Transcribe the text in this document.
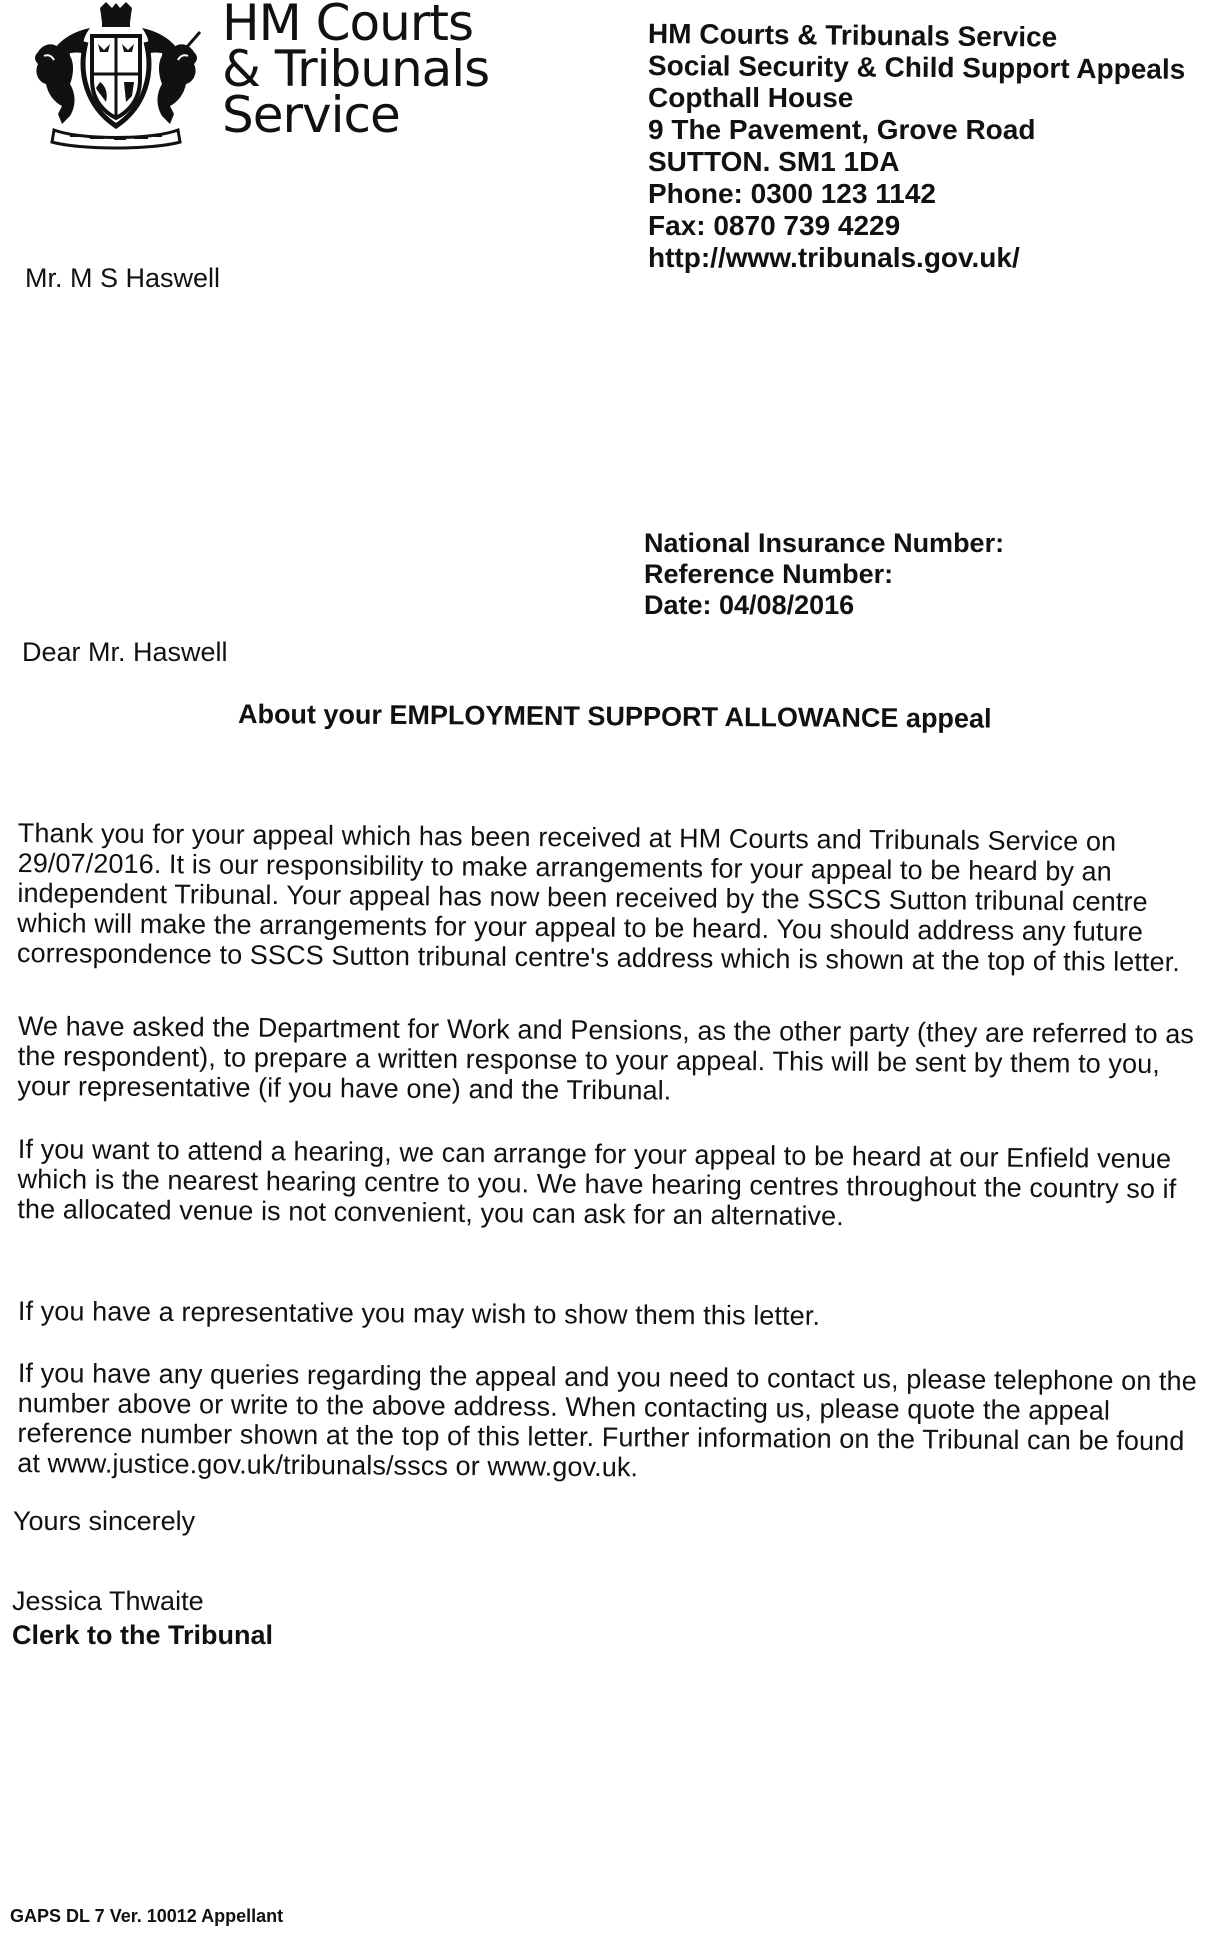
HM Courts
& Tribunals
Service
HM Courts & Tribunals Service
Social Security & Child Support Appeals
Copthall House
9 The Pavement, Grove Road
SUTTON. SM1 1DA
Phone: 0300 123 1142
Fax: 0870 739 4229
http://www.tribunals.gov.uk/
Mr. M S Haswell
National Insurance Number:
Reference Number:
Date: 04/08/2016
Dear Mr. Haswell
About your EMPLOYMENT SUPPORT ALLOWANCE appeal
Thank you for your appeal which has been received at HM Courts and Tribunals Service on
29/07/2016. It is our responsibility to make arrangements for your appeal to be heard by an
independent Tribunal. Your appeal has now been received by the SSCS Sutton tribunal centre
which will make the arrangements for your appeal to be heard. You should address any future
correspondence to SSCS Sutton tribunal centre's address which is shown at the top of this letter.
We have asked the Department for Work and Pensions, as the other party (they are referred to as
the respondent), to prepare a written response to your appeal. This will be sent by them to you,
your representative (if you have one) and the Tribunal.
If you want to attend a hearing, we can arrange for your appeal to be heard at our Enfield venue
which is the nearest hearing centre to you. We have hearing centres throughout the country so if
the allocated venue is not convenient, you can ask for an alternative.
If you have a representative you may wish to show them this letter.
If you have any queries regarding the appeal and you need to contact us, please telephone on the
number above or write to the above address. When contacting us, please quote the appeal
reference number shown at the top of this letter. Further information on the Tribunal can be found
at www.justice.gov.uk/tribunals/sscs or www.gov.uk.
Yours sincerely
Jessica Thwaite
Clerk to the Tribunal
GAPS DL 7 Ver. 10012 Appellant
